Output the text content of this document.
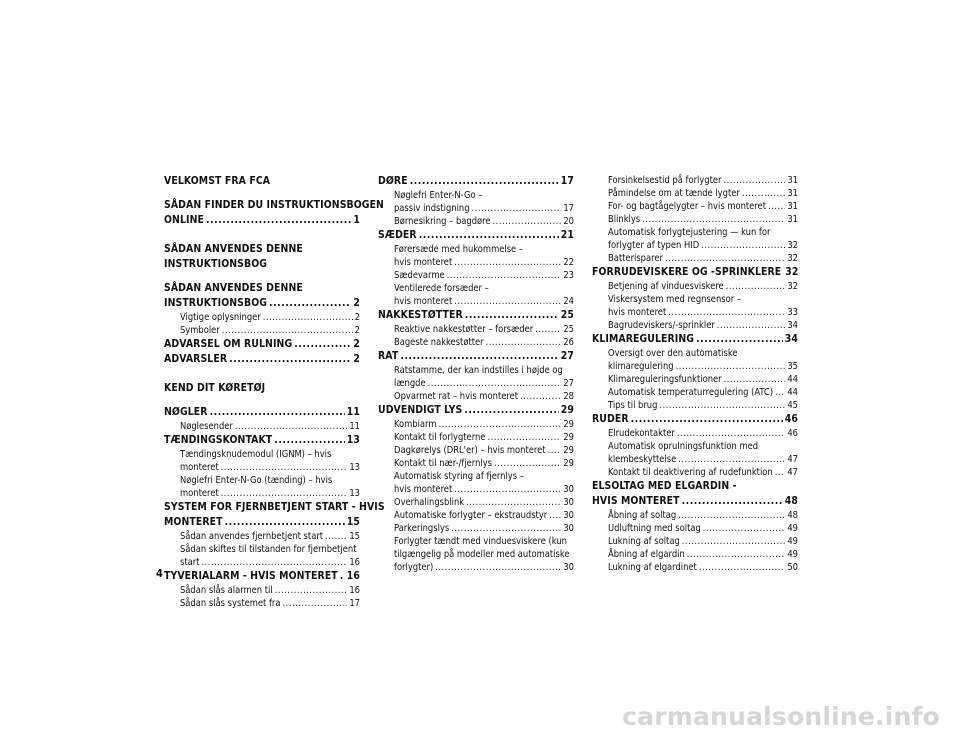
VELKOMST FRA FCA
SÅDAN FINDER DU INSTRUKTIONSBOGEN
ONLINE .....	1
SÅDAN ANVENDES DENNE
INSTRUKTIONSBOG
SÅDAN ANVENDES DENNE
INSTRUKTIONSBOG .....	2
Vigtige oplysninger .....	2
Symboler .....	2
ADVARSEL OM RULNING .....	2
ADVARSLER .....	2
KEND DIT KØRETØJ
NØGLER .....	11
Nøglesender .....	11
TÆNDINGSKONTAKT .....	13
Tændingsknudemodul (IGNM) – hvis
monteret .....	13
Nøglefri Enter-N-Go (tænding) – hvis
monteret .....	13
SYSTEM FOR FJERNBETJENT START - HVIS
MONTERET .....	15
Sådan anvendes fjernbetjent start .....	15
Sådan skiftes til tilstanden for fjernbetjent
start .....	16
TYVERIALARM - HVIS MONTERET ..... 16
Sådan slås alarmen til .....	16
Sådan slås systemet fra .....	17
DØRE .....	17
Nøglefri Enter-N-Go –
passiv indstigning .....	17
Børnesikring – bagdøre .....	20
SÆDER .....	21
Førersæde med hukommelse –
hvis monteret .....	22
Sædevarme .....	23
Ventilerede forsæder –
hvis monteret .....	24
NAKKESTØTTER .....	25
Reaktive nakkestøtter – forsæder .....	25
Bageste nakkestøtter .....	26
RAT .....	27
Ratstamme, der kan indstilles i højde og
længde .....	27
Opvarmet rat – hvis monteret .....	28
UDVENDIGT LYS .....	29
Kombiarm .....	29
Kontakt til forlygterne .....	29
Dagkørelys (DRL'er) – hvis monteret ..... 29
Kontakt til nær-/fjernlys .....	29
Automatisk styring af fjernlys –
hvis monteret .....	30
Overhalingsblink .....	30
Automatiske forlygter – ekstraudstyr ..... 30
Parkeringslys .....	30
Forlygter tændt med vinduesviskere (kun
tilgængelig på modeller med automatiske
forlygter) .....	30
Forsinkelsestid på forlygter .....	31
Påmindelse om at tænde lygter .....	31
For- og bagtågelygter – hvis monteret ..... 31
Blinklys .....	31
Automatisk forlygtejustering — kun for
forlygter af typen HID .....	32
Batterisparer .....	32
FORRUDEVISKERE OG -SPRINKLERE 32
Betjening af vinduesviskere .....	32
Viskersystem med regnsensor –
hvis monteret .....	33
Bagrudeviskers/-sprinkler .....	34
KLIMAREGULERING .....	34
Oversigt over den automatiske
klimaregulering .....	35
Klimareguleringsfunktioner .....	44
Automatisk temperaturregulering (ATC) ..... 44
Tips til brug .....	45
RUDER .....	46
Elrudekontakter .....	46
Automatisk opruIningsfunktion med
klembeskyttelse .....	47
Kontakt til deaktivering af rudefunktion ..... 47
ELSOLTAG MED ELGARDIN -
HVIS MONTERET .....	48
Åbning af soltag .....	48
Udluftning med soltag .....	49
Lukning af soltag .....	49
Åbning af elgardin .....	49
Lukning af elgardinet .....	50
4
carmanualsonline.info
